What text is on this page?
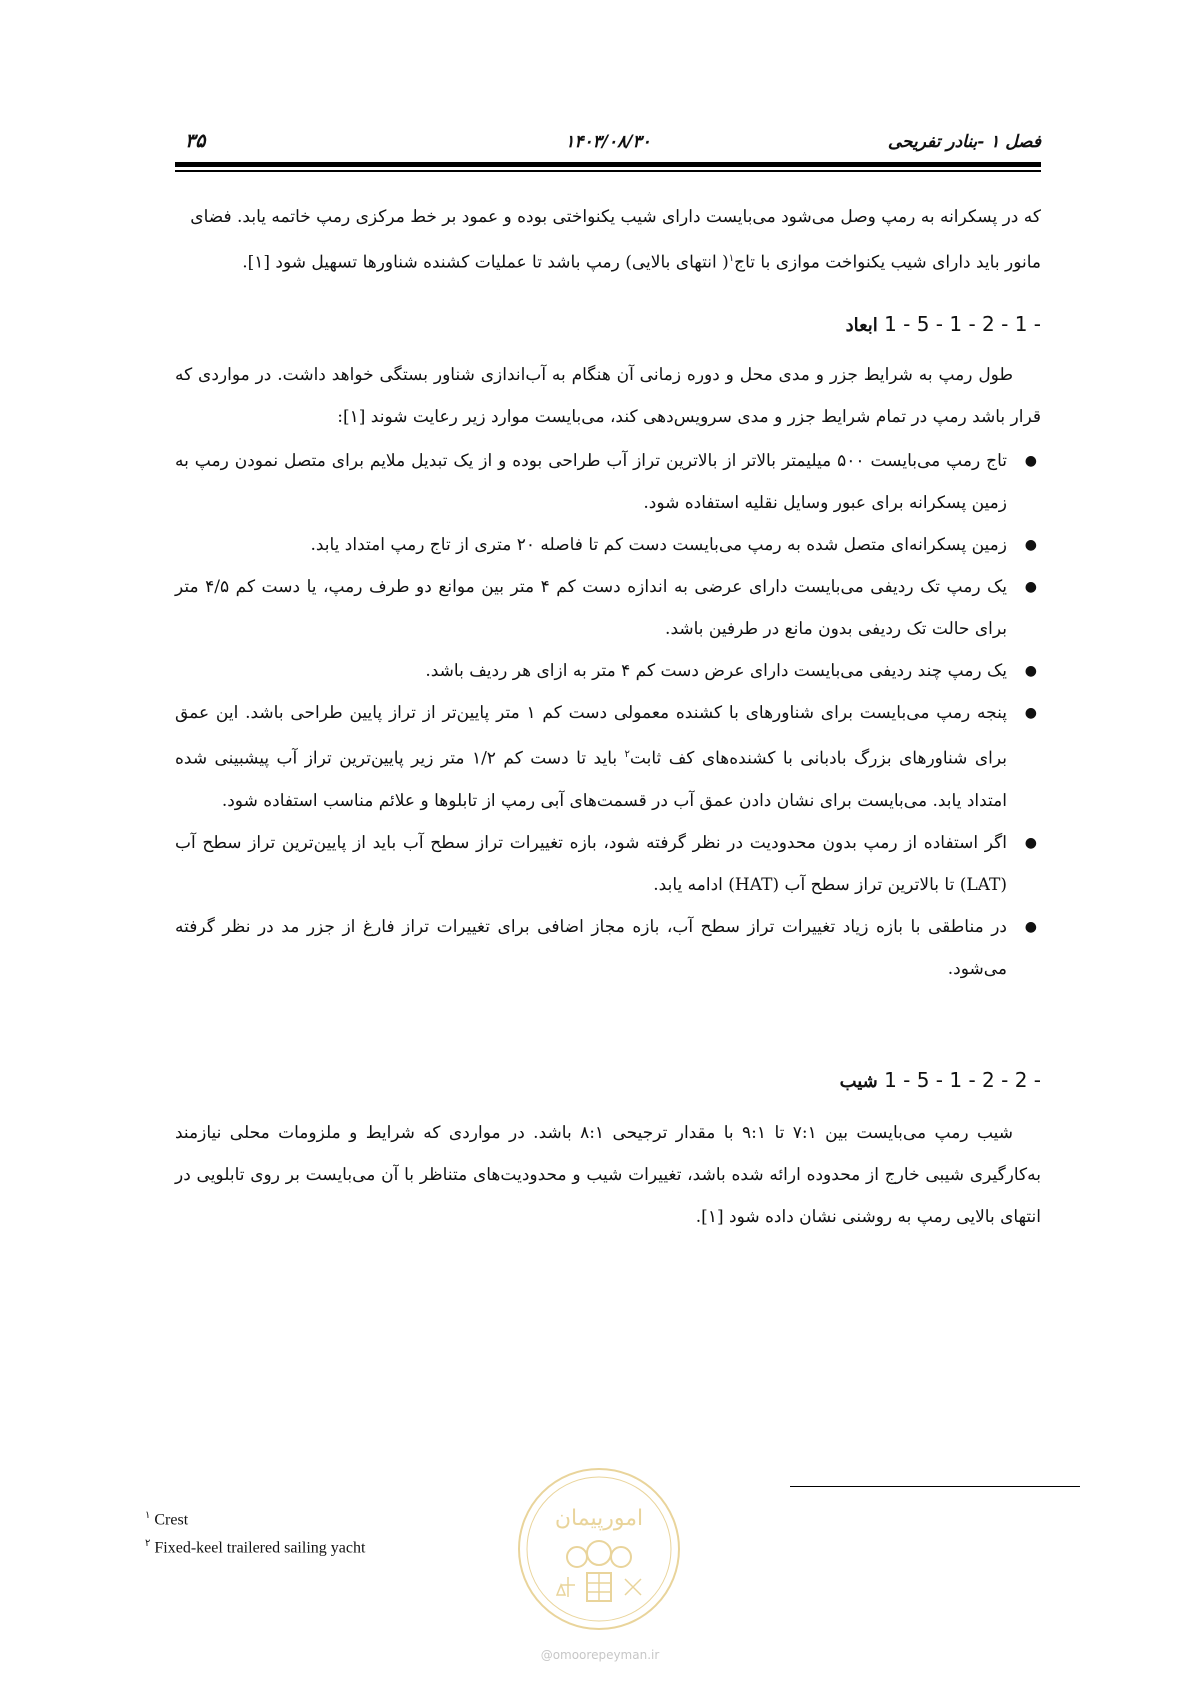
فصل ۱ -بنادر تفریحی
۱۴۰۳/۰۸/۳۰
۳۵

که در پسکرانه به رمپ وصل می‌شود می‌بایست دارای شیب یکنواختی بوده و عمود بر خط مرکزی رمپ خاتمه یابد. فضای

مانور باید دارای شیب یکنواخت موازی با تاج$^۱$( انتهای بالایی) رمپ باشد تا عملیات کشنده شناورها تسهیل شود [۱].

1 - 5 - 1 - 2 - 1 - ابعاد
طول رمپ به شرایط جزر و مدی محل و دوره زمانی آن هنگام به آب‌اندازی شناور بستگی خواهد داشت. در مواردی که قرار باشد رمپ در تمام شرایط جزر و مدی سرویس‌دهی کند، می‌بایست موارد زیر رعایت شوند [۱]:

●
تاج رمپ می‌بایست ۵۰۰ میلیمتر بالاتر از بالاترین تراز آب طراحی بوده و از یک تبدیل ملایم برای متصل نمودن رمپ به زمین پسکرانه برای عبور وسایل نقلیه استفاده شود.

●
زمین پسکرانه‌ای متصل شده به رمپ می‌بایست دست کم تا فاصله ۲۰ متری از تاج رمپ امتداد یابد.

●
یک رمپ تک ردیفی می‌بایست دارای عرضی به اندازه دست کم ۴ متر بین موانع دو طرف رمپ، یا دست کم ۴/۵ متر برای حالت تک ردیفی بدون مانع در طرفین باشد.

●
یک رمپ چند ردیفی می‌بایست دارای عرض دست کم ۴ متر به ازای هر ردیف باشد.

●
پنجه رمپ می‌بایست برای شناورهای با کشنده معمولی دست کم ۱ متر پایین‌تر از تراز پایین طراحی باشد. این عمق برای شناورهای بزرگ بادبانی با کشنده‌های کف ثابت$^۲$ باید تا دست کم ۱/۲ متر زیر پایین‌ترین تراز آب پیشبینی شده امتداد یابد. می‌بایست برای نشان دادن عمق آب در قسمت‌های آبی رمپ از تابلوها و علائم مناسب استفاده شود.

●
اگر استفاده از رمپ بدون محدودیت در نظر گرفته شود، بازه تغییرات تراز سطح آب باید از پایین‌ترین تراز سطح آب (LAT) تا بالاترین تراز سطح آب (HAT) ادامه یابد.

●
در مناطقی با بازه زیاد تغییرات تراز سطح آب، بازه مجاز اضافی برای تغییرات تراز فارغ از جزر مد در نظر گرفته می‌شود.

1 - 5 - 1 - 2 - 2 - شیب
شیب رمپ می‌بایست بین ۷:۱ تا ۹:۱ با مقدار ترجیحی ۸:۱ باشد. در مواردی که شرایط و ملزومات محلی نیازمند به‌کارگیری شیبی خارج از محدوده ارائه شده باشد، تغییرات شیب و محدودیت‌های متناظر با آن می‌بایست بر روی تابلویی در انتهای بالایی رمپ به روشنی نشان داده شود [۱].
$^۱$ Crest
$^۲$ Fixed-keel trailered sailing yacht
امورپیمان
@omoorepeyman.ir
